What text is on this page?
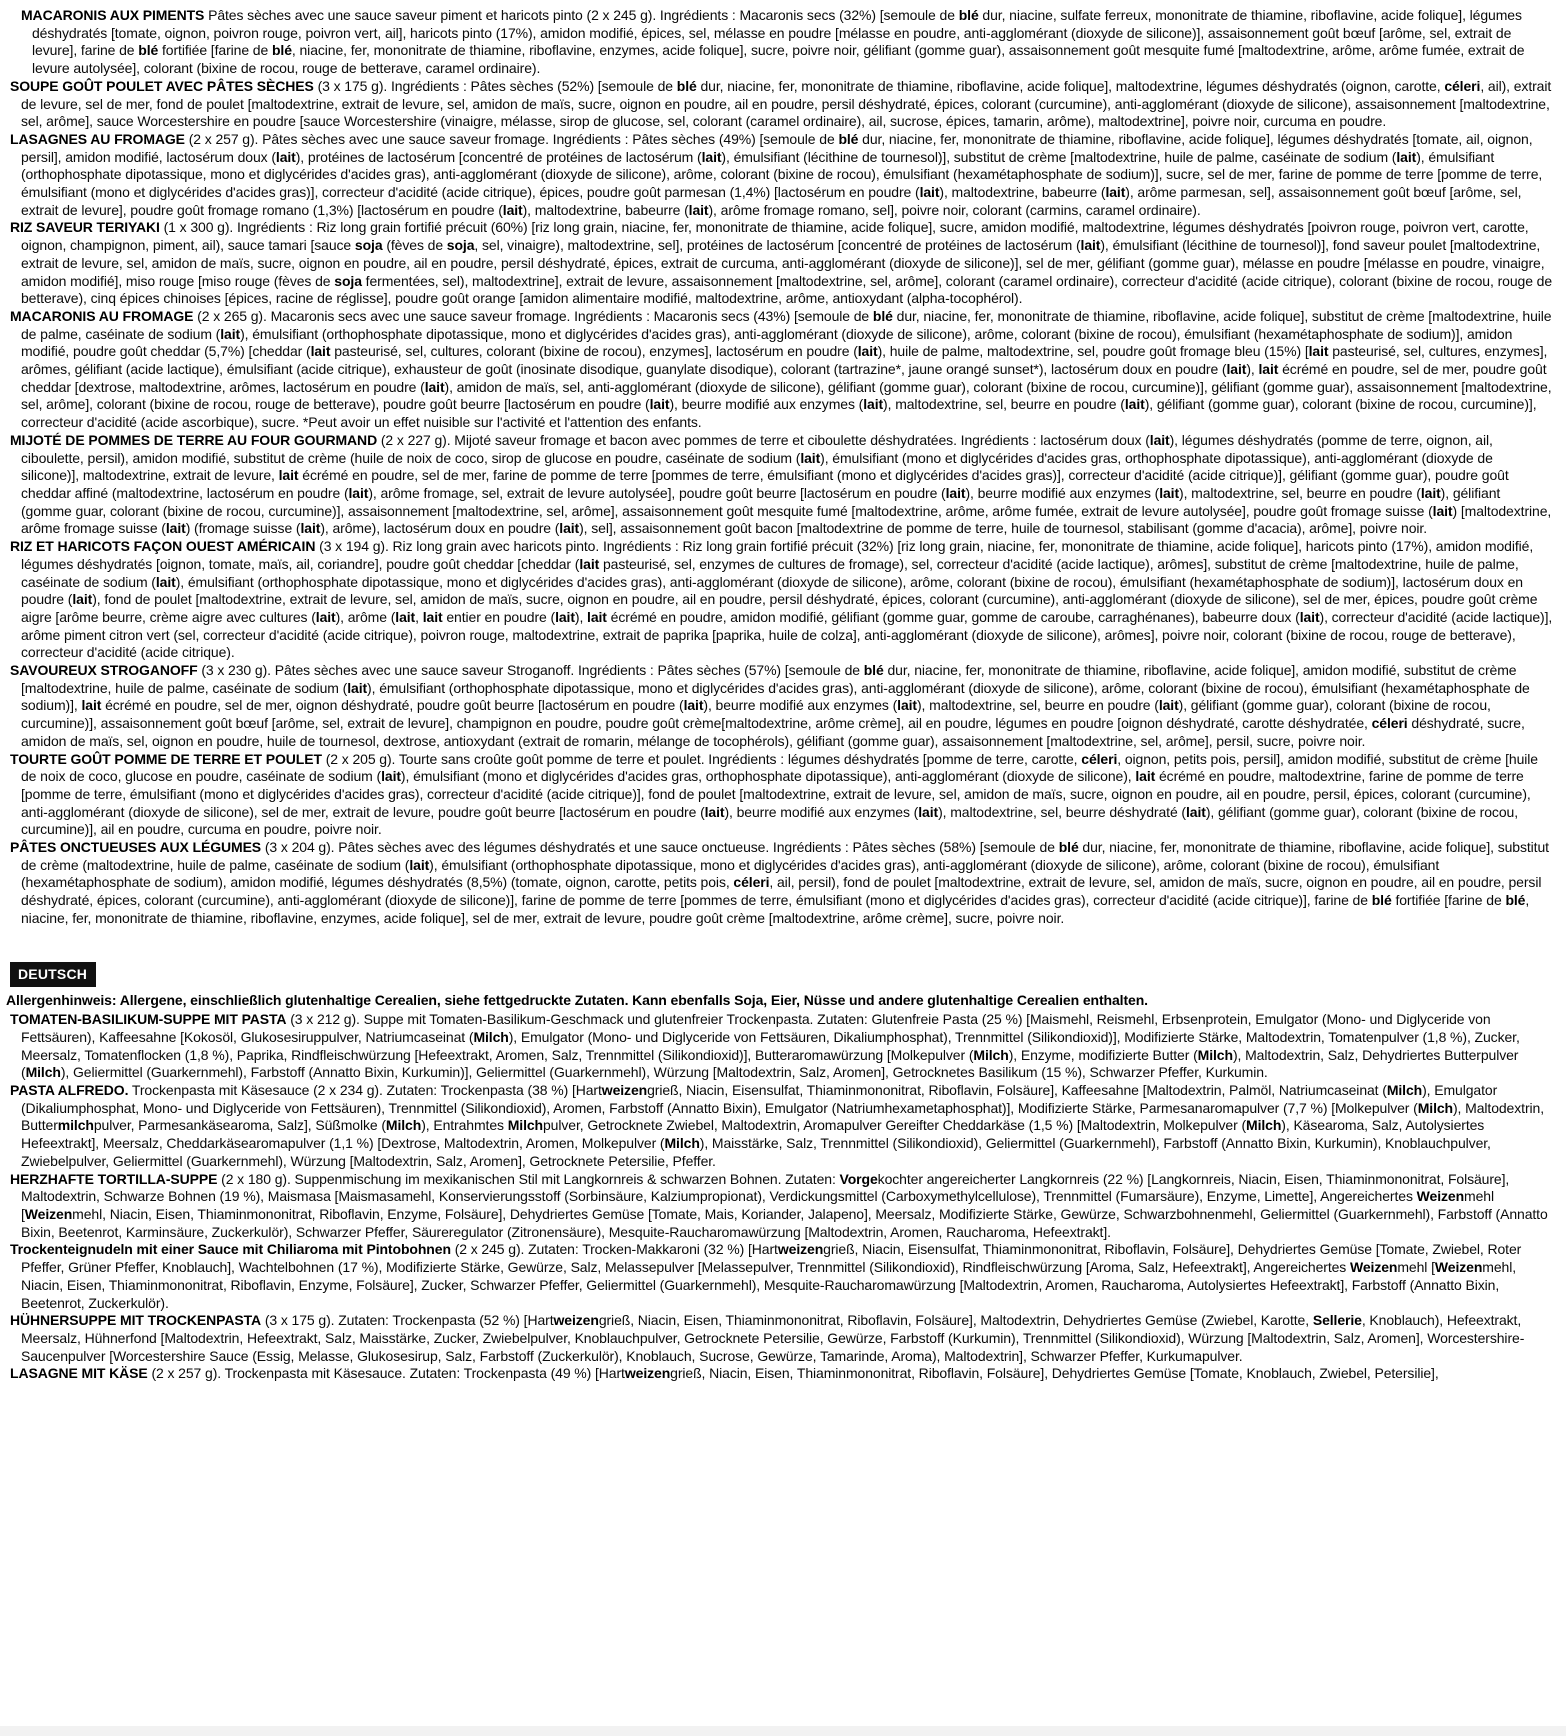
MACARONIS AUX PIMENTS Pâtes sèches avec une sauce saveur piment et haricots pinto (2 x 245 g). Ingrédients : Macaronis secs (32%) [semoule de blé dur, niacine, sulfate ferreux, mononitrate de thiamine, riboflavine, acide folique], légumes déshydratés [tomate, oignon, poivron rouge, poivron vert, ail], haricots pinto (17%), amidon modifié, épices, sel, mélasse en poudre [mélasse en poudre, anti-agglomérant (dioxyde de silicone)], assaisonnement goût bœuf [arôme, sel, extrait de levure], farine de blé fortifiée [farine de blé, niacine, fer, mononitrate de thiamine, riboflavine, enzymes, acide folique], sucre, poivre noir, gélifiant (gomme guar), assaisonnement goût mesquite fumé [maltodextrine, arôme, arôme fumée, extrait de levure autolysée], colorant (bixine de rocou, rouge de betterave, caramel ordinaire).

SOUPE GOÛT POULET AVEC PÂTES SÈCHES (3 x 175 g). Ingrédients : Pâtes sèches (52%) [semoule de blé dur, niacine, fer, mononitrate de thiamine, riboflavine, acide folique], maltodextrine, légumes déshydratés (oignon, carotte, céleri, ail), extrait de levure, sel de mer, fond de poulet [maltodextrine, extrait de levure, sel, amidon de maïs, sucre, oignon en poudre, ail en poudre, persil déshydraté, épices, colorant (curcumine), anti-agglomérant (dioxyde de silicone), assaisonnement [maltodextrine, sel, arôme], sauce Worcestershire en poudre [sauce Worcestershire (vinaigre, mélasse, sirop de glucose, sel, colorant (caramel ordinaire), ail, sucrose, épices, tamarin, arôme), maltodextrine], poivre noir, curcuma en poudre.

LASAGNES AU FROMAGE (2 x 257 g). Pâtes sèches avec une sauce saveur fromage. Ingrédients : Pâtes sèches (49%) [semoule de blé dur, niacine, fer, mononitrate de thiamine, riboflavine, acide folique], légumes déshydratés [tomate, ail, oignon, persil], amidon modifié, lactosérum doux (lait), protéines de lactosérum [concentré de protéines de lactosérum (lait), émulsifiant (lécithine de tournesol)], substitut de crème [maltodextrine, huile de palme, caséinate de sodium (lait), émulsifiant (orthophosphate dipotassique, mono et diglycérides d'acides gras), anti-agglomérant (dioxyde de silicone), arôme, colorant (bixine de rocou), émulsifiant (hexamétaphosphate de sodium)], sucre, sel de mer, farine de pomme de terre [pomme de terre, émulsifiant (mono et diglycérides d'acides gras)], correcteur d'acidité (acide citrique), épices, poudre goût parmesan (1,4%) [lactosérum en poudre (lait), maltodextrine, babeurre (lait), arôme parmesan, sel], assaisonnement goût bœuf [arôme, sel, extrait de levure], poudre goût fromage romano (1,3%) [lactosérum en poudre (lait), maltodextrine, babeurre (lait), arôme fromage romano, sel], poivre noir, colorant (carmins, caramel ordinaire).

RIZ SAVEUR TERIYAKI (1 x 300 g). Ingrédients : Riz long grain fortifié précuit (60%) [riz long grain, niacine, fer, mononitrate de thiamine, acide folique], sucre, amidon modifié, maltodextrine, légumes déshydratés [poivron rouge, poivron vert, carotte, oignon, champignon, piment, ail), sauce tamari [sauce soja (fèves de soja, sel, vinaigre), maltodextrine, sel], protéines de lactosérum [concentré de protéines de lactosérum (lait), émulsifiant (lécithine de tournesol)], fond saveur poulet [maltodextrine, extrait de levure, sel, amidon de maïs, sucre, oignon en poudre, ail en poudre, persil déshydraté, épices, extrait de curcuma, anti-agglomérant (dioxyde de silicone)], sel de mer, gélifiant (gomme guar), mélasse en poudre [mélasse en poudre, vinaigre, amidon modifié], miso rouge [miso rouge (fèves de soja fermentées, sel), maltodextrine], extrait de levure, assaisonnement [maltodextrine, sel, arôme], colorant (caramel ordinaire), correcteur d'acidité (acide citrique), colorant (bixine de rocou, rouge de betterave), cinq épices chinoises [épices, racine de réglisse], poudre goût orange [amidon alimentaire modifié, maltodextrine, arôme, antioxydant (alpha-tocophérol).

MACARONIS AU FROMAGE (2 x 265 g). Macaronis secs avec une sauce saveur fromage. Ingrédients : Macaronis secs (43%) [semoule de blé dur, niacine, fer, mononitrate de thiamine, riboflavine, acide folique], substitut de crème [maltodextrine, huile de palme, caséinate de sodium (lait), émulsifiant (orthophosphate dipotassique, mono et diglycérides d'acides gras), anti-agglomérant (dioxyde de silicone), arôme, colorant (bixine de rocou), émulsifiant (hexamétaphosphate de sodium)], amidon modifié, poudre goût cheddar (5,7%) [cheddar (lait pasteurisé, sel, cultures, colorant (bixine de rocou), enzymes], lactosérum en poudre (lait), huile de palme, maltodextrine, sel, poudre goût fromage bleu (15%) [lait pasteurisé, sel, cultures, enzymes], arômes, gélifiant (acide lactique), émulsifiant (acide citrique), exhausteur de goût (inosinate disodique, guanylate disodique), colorant (tartrazine*, jaune orangé sunset*), lactosérum doux en poudre (lait), lait écrémé en poudre, sel de mer, poudre goût cheddar [dextrose, maltodextrine, arômes, lactosérum en poudre (lait), amidon de maïs, sel, anti-agglomérant (dioxyde de silicone), gélifiant (gomme guar), colorant (bixine de rocou, curcumine)], gélifiant (gomme guar), assaisonnement [maltodextrine, sel, arôme], colorant (bixine de rocou, rouge de betterave), poudre goût beurre [lactosérum en poudre (lait), beurre modifié aux enzymes (lait), maltodextrine, sel, beurre en poudre (lait), gélifiant (gomme guar), colorant (bixine de rocou, curcumine)], correcteur d'acidité (acide ascorbique), sucre. *Peut avoir un effet nuisible sur l'activité et l'attention des enfants.

MIJOTÉ DE POMMES DE TERRE AU FOUR GOURMAND (2 x 227 g). Mijoté saveur fromage et bacon avec pommes de terre et ciboulette déshydratées. Ingrédients : lactosérum doux (lait), légumes déshydratés (pomme de terre, oignon, ail, ciboulette, persil), amidon modifié, substitut de crème (huile de noix de coco, sirop de glucose en poudre, caséinate de sodium (lait), émulsifiant (mono et diglycérides d'acides gras, orthophosphate dipotassique), anti-agglomérant (dioxyde de silicone)], maltodextrine, extrait de levure, lait écrémé en poudre, sel de mer, farine de pomme de terre [pommes de terre, émulsifiant (mono et diglycérides d'acides gras)], correcteur d'acidité (acide citrique)], gélifiant (gomme guar), poudre goût cheddar affiné (maltodextrine, lactosérum en poudre (lait), arôme fromage, sel, extrait de levure autolysée], poudre goût beurre [lactosérum en poudre (lait), beurre modifié aux enzymes (lait), maltodextrine, sel, beurre en poudre (lait), gélifiant (gomme guar, colorant (bixine de rocou, curcumine)], assaisonnement [maltodextrine, sel, arôme], assaisonnement goût mesquite fumé [maltodextrine, arôme, arôme fumée, extrait de levure autolysée], poudre goût fromage suisse (lait) [maltodextrine, arôme fromage suisse (lait) (fromage suisse (lait), arôme), lactosérum doux en poudre (lait), sel], assaisonnement goût bacon [maltodextrine de pomme de terre, huile de tournesol, stabilisant (gomme d'acacia), arôme], poivre noir.

RIZ ET HARICOTS FAÇON OUEST AMÉRICAIN (3 x 194 g). Riz long grain avec haricots pinto. Ingrédients : Riz long grain fortifié précuit (32%) [riz long grain, niacine, fer, mononitrate de thiamine, acide folique], haricots pinto (17%), amidon modifié, légumes déshydratés [oignon, tomate, maïs, ail, coriandre], poudre goût cheddar [cheddar (lait pasteurisé, sel, enzymes de cultures de fromage), sel, correcteur d'acidité (acide lactique), arômes], substitut de crème [maltodextrine, huile de palme, caséinate de sodium (lait), émulsifiant (orthophosphate dipotassique, mono et diglycérides d'acides gras), anti-agglomérant (dioxyde de silicone), arôme, colorant (bixine de rocou), émulsifiant (hexamétaphosphate de sodium)], lactosérum doux en poudre (lait), fond de poulet [maltodextrine, extrait de levure, sel, amidon de maïs, sucre, oignon en poudre, ail en poudre, persil déshydraté, épices, colorant (curcumine), anti-agglomérant (dioxyde de silicone), sel de mer, épices, poudre goût crème aigre [arôme beurre, crème aigre avec cultures (lait), arôme (lait, lait entier en poudre (lait), lait écrémé en poudre, amidon modifié, gélifiant (gomme guar, gomme de caroube, carraghénanes), babeurre doux (lait), correcteur d'acidité (acide lactique)], arôme piment citron vert (sel, correcteur d'acidité (acide citrique), poivron rouge, maltodextrine, extrait de paprika [paprika, huile de colza], anti-agglomérant (dioxyde de silicone), arômes], poivre noir, colorant (bixine de rocou, rouge de betterave), correcteur d'acidité (acide citrique).

SAVOUREUX STROGANOFF (3 x 230 g). Pâtes sèches avec une sauce saveur Stroganoff. Ingrédients : Pâtes sèches (57%) [semoule de blé dur, niacine, fer, mononitrate de thiamine, riboflavine, acide folique], amidon modifié, substitut de crème [maltodextrine, huile de palme, caséinate de sodium (lait), émulsifiant (orthophosphate dipotassique, mono et diglycérides d'acides gras), anti-agglomérant (dioxyde de silicone), arôme, colorant (bixine de rocou), émulsifiant (hexamétaphosphate de sodium)], lait écrémé en poudre, sel de mer, oignon déshydraté, poudre goût beurre [lactosérum en poudre (lait), beurre modifié aux enzymes (lait), maltodextrine, sel, beurre en poudre (lait), gélifiant (gomme guar), colorant (bixine de rocou, curcumine)], assaisonnement goût bœuf [arôme, sel, extrait de levure], champignon en poudre, poudre goût crème[maltodextrine, arôme crème], ail en poudre, légumes en poudre [oignon déshydraté, carotte déshydratée, céleri déshydraté, sucre, amidon de maïs, sel, oignon en poudre, huile de tournesol, dextrose, antioxydant (extrait de romarin, mélange de tocophérols), gélifiant (gomme guar), assaisonnement [maltodextrine, sel, arôme], persil, sucre, poivre noir.

TOURTE GOÛT POMME DE TERRE ET POULET (2 x 205 g). Tourte sans croûte goût pomme de terre et poulet. Ingrédients : légumes déshydratés [pomme de terre, carotte, céleri, oignon, petits pois, persil], amidon modifié, substitut de crème [huile de noix de coco, glucose en poudre, caséinate de sodium (lait), émulsifiant (mono et diglycérides d'acides gras, orthophosphate dipotassique), anti-agglomérant (dioxyde de silicone), lait écrémé en poudre, maltodextrine, farine de pomme de terre [pomme de terre, émulsifiant (mono et diglycérides d'acides gras), correcteur d'acidité (acide citrique)], fond de poulet [maltodextrine, extrait de levure, sel, amidon de maïs, sucre, oignon en poudre, ail en poudre, persil, épices, colorant (curcumine), anti-agglomérant (dioxyde de silicone), sel de mer, extrait de levure, poudre goût beurre [lactosérum en poudre (lait), beurre modifié aux enzymes (lait), maltodextrine, sel, beurre déshydraté (lait), gélifiant (gomme guar), colorant (bixine de rocou, curcumine)], ail en poudre, curcuma en poudre, poivre noir.

PÂTES ONCTUEUSES AUX LÉGUMES (3 x 204 g). Pâtes sèches avec des légumes déshydratés et une sauce onctueuse. Ingrédients : Pâtes sèches (58%) [semoule de blé dur, niacine, fer, mononitrate de thiamine, riboflavine, acide folique], substitut de crème (maltodextrine, huile de palme, caséinate de sodium (lait), émulsifiant (orthophosphate dipotassique, mono et diglycérides d'acides gras), anti-agglomérant (dioxyde de silicone), arôme, colorant (bixine de rocou), émulsifiant (hexamétaphosphate de sodium), amidon modifié, légumes déshydratés (8,5%) (tomate, oignon, carotte, petits pois, céleri, ail, persil), fond de poulet [maltodextrine, extrait de levure, sel, amidon de maïs, sucre, oignon en poudre, ail en poudre, persil déshydraté, épices, colorant (curcumine), anti-agglomérant (dioxyde de silicone)], farine de pomme de terre [pommes de terre, émulsifiant (mono et diglycérides d'acides gras), correcteur d'acidité (acide citrique)], farine de blé fortifiée [farine de blé, niacine, fer, mononitrate de thiamine, riboflavine, enzymes, acide folique], sel de mer, extrait de levure, poudre goût crème [maltodextrine, arôme crème], sucre, poivre noir.

DEUTSCH

Allergenhinweis: Allergene, einschließlich glutenhaltige Cerealien, siehe fettgedruckte Zutaten. Kann ebenfalls Soja, Eier, Nüsse und andere glutenhaltige Cerealien enthalten.

TOMATEN-BASILIKUM-SUPPE MIT PASTA (3 x 212 g). Suppe mit Tomaten-Basilikum-Geschmack und glutenfreier Trockenpasta. Zutaten: Glutenfreie Pasta (25 %) [Maismehl, Reismehl, Erbsenprotein, Emulgator (Mono- und Diglyceride von Fettsäuren), Kaffeesahne [Kokosöl, Glukosesiruppulver, Natriumcaseinat (Milch), Emulgator (Mono- und Diglyceride von Fettsäuren, Dikaliumphosphat), Trennmittel (Silikondioxid)], Modifizierte Stärke, Maltodextrin, Tomatenpulver (1,8 %), Zucker, Meersalz, Tomatenflocken (1,8 %), Paprika, Rindfleischwürzung [Hefeextrakt, Aromen, Salz, Trennmittel (Silikondioxid)], Butteraromawürzung [Molkepulver (Milch), Enzyme, modifizierte Butter (Milch), Maltodextrin, Salz, Dehydriertes Butterpulver (Milch), Geliermittel (Guarkernmehl), Farbstoff (Annatto Bixin, Kurkumin)], Geliermittel (Guarkernmehl), Würzung [Maltodextrin, Salz, Aromen], Getrocknetes Basilikum (15 %), Schwarzer Pfeffer, Kurkumin.

PASTA ALFREDO. Trockenpasta mit Käsesauce (2 x 234 g). Zutaten: Trockenpasta (38 %) [Hartweizengrieß, Niacin, Eisensulfat, Thiaminmononitrat, Riboflavin, Folsäure], Kaffeesahne [Maltodextrin, Palmöl, Natriumcaseinat (Milch), Emulgator (Dikaliumphosphat, Mono- und Diglyceride von Fettsäuren), Trennmittel (Silikondioxid), Aromen, Farbstoff (Annatto Bixin), Emulgator (Natriumhexametaphosphat)], Modifizierte Stärke, Parmesanaromapulver (7,7 %) [Molkepulver (Milch), Maltodextrin, Buttermilchpulver, Parmesankäsearoma, Salz], Süßmolke (Milch), Entrahmtes Milchpulver, Getrocknete Zwiebel, Maltodextrin, Aromapulver Gereifter Cheddarkäse (1,5 %) [Maltodextrin, Molkepulver (Milch), Käsearoma, Salz, Autolysiertes Hefeextrakt], Meersalz, Cheddarkäsearomapulver (1,1 %) [Dextrose, Maltodextrin, Aromen, Molkepulver (Milch), Maisstärke, Salz, Trennmittel (Silikondioxid), Geliermittel (Guarkernmehl), Farbstoff (Annatto Bixin, Kurkumin), Knoblauchpulver, Zwiebelpulver, Geliermittel (Guarkernmehl), Würzung [Maltodextrin, Salz, Aromen], Getrocknete Petersilie, Pfeffer.

HERZHAFTE TORTILLA-SUPPE (2 x 180 g). Suppenmischung im mexikanischen Stil mit Langkornreis & schwarzen Bohnen. Zutaten: Vorgekochter angereicherter Langkornreis (22 %) [Langkornreis, Niacin, Eisen, Thiaminmononitrat, Folsäure], Maltodextrin, Schwarze Bohnen (19 %), Maismasa [Maismasamehl, Konservierungsstoff (Sorbinsäure, Kalziumpropionat), Verdickungsmittel (Carboxymethylcellulose), Trennmittel (Fumarsäure), Enzyme, Limette], Angereichertes Weizenmehl [Weizenmehl, Niacin, Eisen, Thiaminmononitrat, Riboflavin, Enzyme, Folsäure], Dehydriertes Gemüse [Tomate, Mais, Koriander, Jalapeno], Meersalz, Modifizierte Stärke, Gewürze, Schwarzbohnenmehl, Geliermittel (Guarkernmehl), Farbstoff (Annatto Bixin, Beetenrot, Karminsäure, Zuckerkulör), Schwarzer Pfeffer, Säureregulator (Zitronensäure), Mesquite-Raucharomawürzung [Maltodextrin, Aromen, Raucharoma, Hefeextrakt].

Trockenteignudeln mit einer Sauce mit Chiliaroma mit Pintobohnen (2 x 245 g). Zutaten: Trocken-Makkaroni (32 %) [Hartweizengrieß, Niacin, Eisensulfat, Thiaminmononitrat, Riboflavin, Folsäure], Dehydriertes Gemüse [Tomate, Zwiebel, Roter Pfeffer, Grüner Pfeffer, Knoblauch], Wachtelbohnen (17 %), Modifizierte Stärke, Gewürze, Salz, Melassepulver [Melassepulver, Trennmittel (Silikondioxid), Rindfleischwürzung [Aroma, Salz, Hefeextrakt], Angereichertes Weizenmehl [Weizenmehl, Niacin, Eisen, Thiaminmononitrat, Riboflavin, Enzyme, Folsäure], Zucker, Schwarzer Pfeffer, Geliermittel (Guarkernmehl), Mesquite-Raucharomawürzung [Maltodextrin, Aromen, Raucharoma, Autolysiertes Hefeextrakt], Farbstoff (Annatto Bixin, Beetenrot, Zuckerkulör).

HÜHNERSUPPE MIT TROCKENPASTA (3 x 175 g). Zutaten: Trockenpasta (52 %) [Hartweizengrieß, Niacin, Eisen, Thiaminmononitrat, Riboflavin, Folsäure], Maltodextrin, Dehydriertes Gemüse (Zwiebel, Karotte, Sellerie, Knoblauch), Hefeextrakt, Meersalz, Hühnerfond [Maltodextrin, Hefeextrakt, Salz, Maisstärke, Zucker, Zwiebelpulver, Knoblauchpulver, Getrocknete Petersilie, Gewürze, Farbstoff (Kurkumin), Trennmittel (Silikondioxid), Würzung [Maltodextrin, Salz, Aromen], Worcestershire-Saucenpulver [Worcestershire Sauce (Essig, Melasse, Glukosesirup, Salz, Farbstoff (Zuckerkulör), Knoblauch, Sucrose, Gewürze, Tamarinde, Aroma), Maltodextrin], Schwarzer Pfeffer, Kurkumapulver.

LASAGNE MIT KÄSE (2 x 257 g). Trockenpasta mit Käsesauce. Zutaten: Trockenpasta (49 %) [Hartweizengrieß, Niacin, Eisen, Thiaminmononitrat, Riboflavin, Folsäure], Dehydriertes Gemüse [Tomate, Knoblauch, Zwiebel, Petersilie],
